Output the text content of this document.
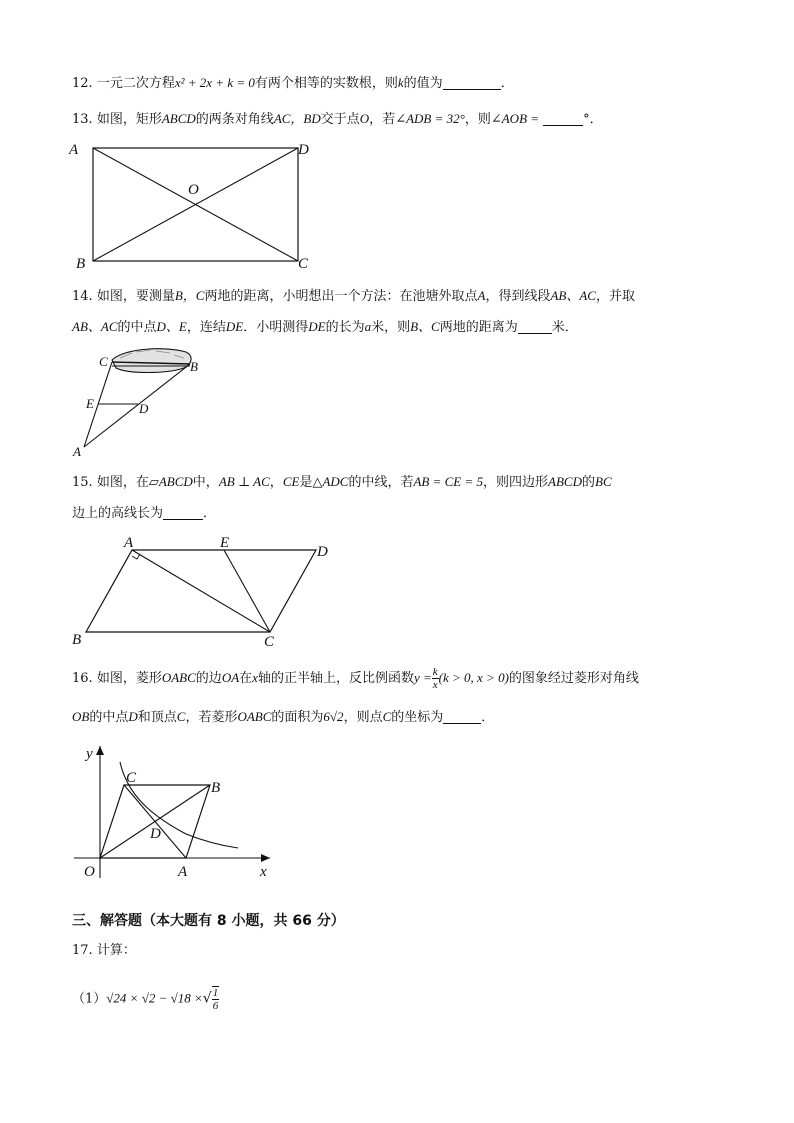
12. 一元二次方程x² + 2x + k = 0有两个相等的实数根，则k的值为	．
13. 如图，矩形ABCD的两条对角线AC，BD交于点O，若∠ADB = 32°，则∠AOB =	°．
A	D
B	C
O
14. 如图，要测量B，C两地的距离，小明想出一个方法：在池塘外取点A，得到线段AB、AC，并取
AB、AC的中点D、E，连结DE．小明测得DE的长为a米，则B、C两地的距离为	米．
C	B
E	D
A
15. 如图，在▱ABCD中，AB ⊥ AC，CE是△ADC的中线，若AB = CE = 5，则四边形ABCD的BC
边上的高线长为	．
A	E
D
B	C
16. 如图，菱形OABC的边OA在x轴的正半轴上，反比例函数$y = \frac{k}{x} (k > 0$, x > 0)的图象经过菱形对角线
OB的中点D和顶点C，若菱形OABC的面积为6√2，则点C的坐标为	．
y
x
O	A
B
C
D
三、解答题（本大题有 8 小题，共 66 分）
17. 计算：
（1）√24 × √2 − √18 ×√ $\frac{1}{6}$
